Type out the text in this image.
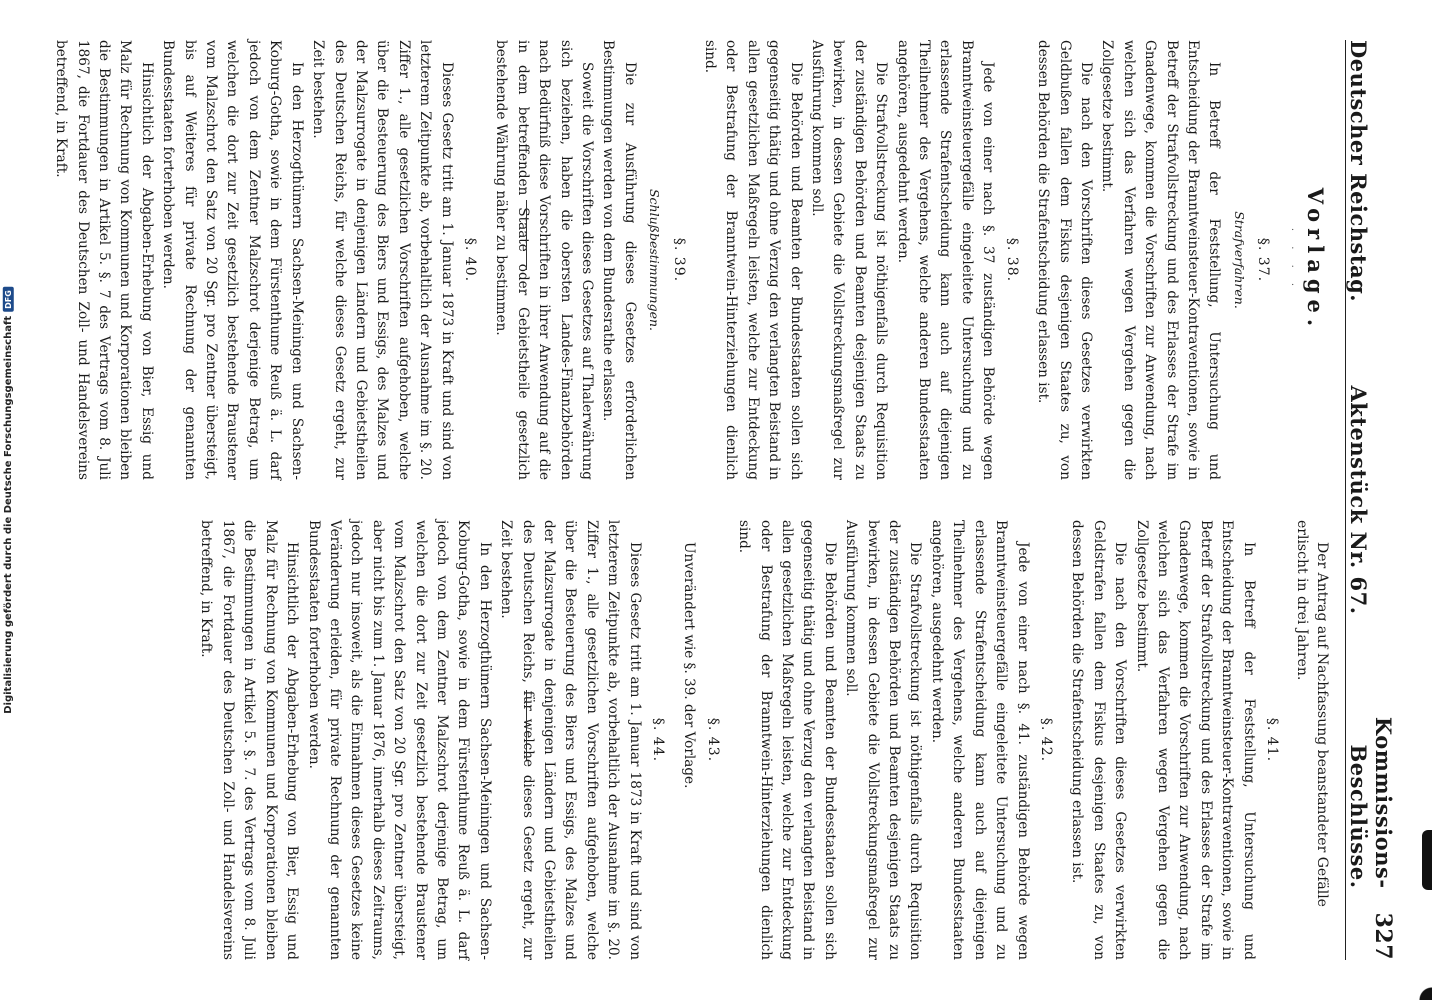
Deutscher Reichstag.
Aktenstück Nr. 67.
Kommissions-Beschlüsse.
327
Vorlage.
. . . .
§. 37.
Strafverfahren.

In Betreff der Feststellung, Untersuchung und Entscheidung der Branntweinsteuer-Kontraventionen, sowie in Betreff der Strafvollstreckung und des Erlasses der Strafe im Gnadenwege, kommen die Vorschriften zur Anwendung, nach welchen sich das Verfahren wegen Vergehen gegen die Zollgesetze bestimmt.

Die nach den Vorschriften dieses Gesetzes verwirkten Geldbußen fallen dem Fiskus desjenigen Staates zu, von dessen Behörden die Strafentscheidung erlassen ist.

§. 38.

Jede von einer nach §. 37 zuständigen Behörde wegen Branntweinsteuergefälle eingeleitete Untersuchung und zu erlassende Strafentscheidung kann auch auf diejenigen Theilnehmer des Vergehens, welche anderen Bundesstaaten angehören, ausgedehnt werden.

Die Strafvollstreckung ist nöthigenfalls durch Requisition der zuständigen Behörden und Beamten desjenigen Staats zu bewirken, in dessen Gebiete die Vollstreckungsmaßregel zur Ausführung kommen soll.

Die Behörden und Beamten der Bundesstaaten sollen sich gegenseitig thätig und ohne Verzug den verlangten Beistand in allen gesetzlichen Maßregeln leisten, welche zur Entdeckung oder Bestrafung der Branntwein-Hinterziehungen dienlich sind.

§. 39.
Schlußbestimmungen.

Die zur Ausführung dieses Gesetzes erforderlichen Bestimmungen werden von dem Bundesrathe erlassen.

Soweit die Vorschriften dieses Gesetzes auf Thalerwährung sich beziehen, haben die obersten Landes-Finanzbehörden nach Bedürfniß diese Vorschriften in ihrer Anwendung auf die in dem betreffenden Staate oder Gebietstheile gesetzlich bestehende Währung näher zu bestimmen.

§. 40.

Dieses Gesetz tritt am 1. Januar 1873 in Kraft und sind von letzterem Zeitpunkte ab, vorbehaltlich der Ausnahme im §. 20. Ziffer 1., alle gesetzlichen Vorschriften aufgehoben, welche über die Besteuerung des Biers und Essigs, des Malzes und der Malzsurrogate in denjenigen Ländern und Gebietstheilen des Deutschen Reichs, für welche dieses Gesetz ergeht, zur Zeit bestehen.

In den Herzogthümern Sachsen-Meiningen und Sachsen-Koburg-Gotha, sowie in dem Fürstenthume Reuß ä. L. darf jedoch von dem Zentner Malzschrot derjenige Betrag, um welchen die dort zur Zeit gesetzlich bestehende Braustener vom Malzschrot den Satz von 20 Sgr. pro Zentner übersteigt, bis auf Weiteres für private Rechnung der genannten Bundesstaaten forterhoben werden.

Hinsichtlich der Abgaben-Erhebung von Bier, Essig und Malz für Rechnung von Kommunen und Korporationen bleiben die Bestimmungen in Artikel 5. §. 7 des Vertrags vom 8. Juli 1867, die Fortdauer des Deutschen Zoll- und Handelsvereins betreffend, in Kraft.

Der Antrag auf Nachfassung beanstandeter Gefälle erlischt in drei Jahren.
§. 41.

In Betreff der Feststellung, Untersuchung und Entscheidung der Branntweinsteuer-Kontraventionen, sowie in Betreff der Strafvollstreckung und des Erlasses der Strafe im Gnadenwege, kommen die Vorschriften zur Anwendung, nach welchen sich das Verfahren wegen Vergehen gegen die Zollgesetze bestimmt.

Die nach den Vorschriften dieses Gesetzes verwirkten Geldstrafen fallen dem Fiskus desjenigen Staates zu, von dessen Behörden die Strafentscheidung erlassen ist.

§. 42.

Jede von einer nach §. 41. zuständigen Behörde wegen Branntweinsteuergefälle eingeleitete Untersuchung und zu erlassende Strafentscheidung kann auch auf diejenigen Theilnehmer des Vergehens, welche anderen Bundesstaaten angehören, ausgedehnt werden.

Die Strafvollstreckung ist nöthigenfalls durch Requisition der zuständigen Behörden und Beamten desjenigen Staats zu bewirken, in dessen Gebiete die Vollstreckungsmaßregel zur Ausführung kommen soll.

Die Behörden und Beamten der Bundesstaaten sollen sich gegenseitig thätig und ohne Verzug den verlangten Beistand in allen gesetzlichen Maßregeln leisten, welche zur Entdeckung oder Bestrafung der Branntwein-Hinterziehungen dienlich sind.

§. 43.

Unverändert wie §. 39. der Vorlage.

§. 44.

Dieses Gesetz tritt am 1. Januar 1873 in Kraft und sind von letzterem Zeitpunkte ab, vorbehaltlich der Ausnahme im §. 20. Ziffer 1., alle gesetzlichen Vorschriften aufgehoben, welche über die Besteuerung des Biers und Essigs, des Malzes und der Malzsurrogate in denjenigen Ländern und Gebietstheilen des Deutschen Reichs, für welche dieses Gesetz ergeht, zur Zeit bestehen.

In den Herzogthümern Sachsen-Meiningen und Sachsen-Koburg-Gotha, sowie in dem Fürstenthume Reuß ä. L. darf jedoch von dem Zentner Malzschrot derjenige Betrag, um welchen die dort zur Zeit gesetzlich bestehende Braustener vom Malzschrot den Satz von 20 Sgr. pro Zentner übersteigt, aber nicht bis zum 1. Januar 1876, innerhalb dieses Zeitraums, jedoch nur insoweit, als die Einnahmen dieses Gesetzes keine Veränderung erleiden, für private Rechnung der genannten Bundesstaaten forterhoben werden.

Hinsichtlich der Abgaben-Erhebung von Bier, Essig und Malz für Rechnung von Kommunen und Korporationen bleiben die Bestimmungen in Artikel 5. §. 7. des Vertrags vom 8. Juli 1867, die Fortdauer des Deutschen Zoll- und Handelsvereins betreffend, in Kraft.

Digitalisierung gefördert durch die Deutsche Forschungsgemeinschaft
DFG
